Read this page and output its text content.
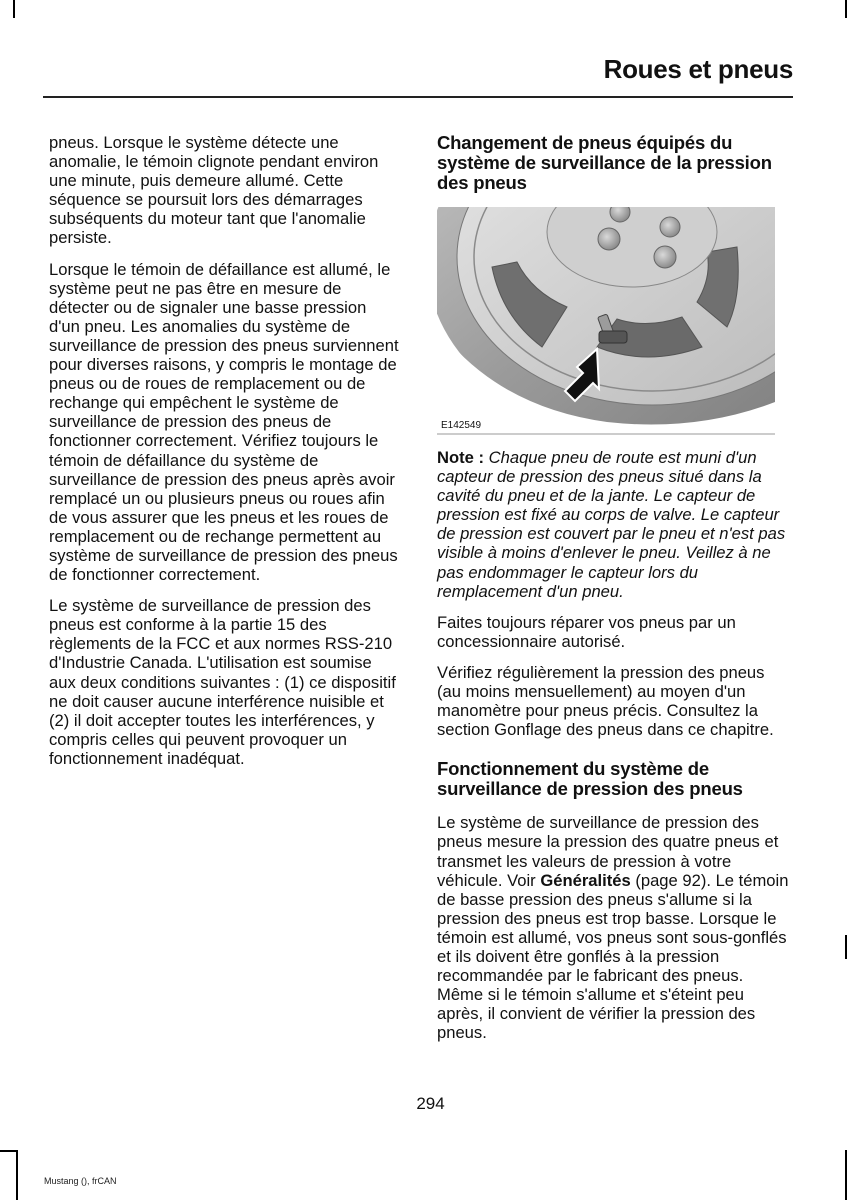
Roues et pneus

pneus. Lorsque le système détecte une anomalie, le témoin clignote pendant environ une minute, puis demeure allumé. Cette séquence se poursuit lors des démarrages subséquents du moteur tant que l'anomalie persiste.

Lorsque le témoin de défaillance est allumé, le système peut ne pas être en mesure de détecter ou de signaler une basse pression d'un pneu. Les anomalies du système de surveillance de pression des pneus surviennent pour diverses raisons, y compris le montage de pneus ou de roues de remplacement ou de rechange qui empêchent le système de surveillance de pression des pneus de fonctionner correctement. Vérifiez toujours le témoin de défaillance du système de surveillance de pression des pneus après avoir remplacé un ou plusieurs pneus ou roues afin de vous assurer que les pneus et les roues de remplacement ou de rechange permettent au système de surveillance de pression des pneus de fonctionner correctement.

Le système de surveillance de pression des pneus est conforme à la partie 15 des règlements de la FCC et aux normes RSS-210 d'Industrie Canada. L'utilisation est soumise aux deux conditions suivantes : (1) ce dispositif ne doit causer aucune interférence nuisible et (2) il doit accepter toutes les interférences, y compris celles qui peuvent provoquer un fonctionnement inadéquat.

Changement de pneus équipés du système de surveillance de la pression des pneus
E142549

Note : Chaque pneu de route est muni d'un capteur de pression des pneus situé dans la cavité du pneu et de la jante. Le capteur de pression est fixé au corps de valve. Le capteur de pression est couvert par le pneu et n'est pas visible à moins d'enlever le pneu. Veillez à ne pas endommager le capteur lors du remplacement d'un pneu.

Faites toujours réparer vos pneus par un concessionnaire autorisé.

Vérifiez régulièrement la pression des pneus (au moins mensuellement) au moyen d'un manomètre pour pneus précis. Consultez la section Gonflage des pneus dans ce chapitre.

Fonctionnement du système de surveillance de pression des pneus

Le système de surveillance de pression des pneus mesure la pression des quatre pneus et transmet les valeurs de pression à votre véhicule. Voir Généralités (page 92). Le témoin de basse pression des pneus s'allume si la pression des pneus est trop basse. Lorsque le témoin est allumé, vos pneus sont sous-gonflés et ils doivent être gonflés à la pression recommandée par le fabricant des pneus. Même si le témoin s'allume et s'éteint peu après, il convient de vérifier la pression des pneus.

294
Mustang (), frCAN
